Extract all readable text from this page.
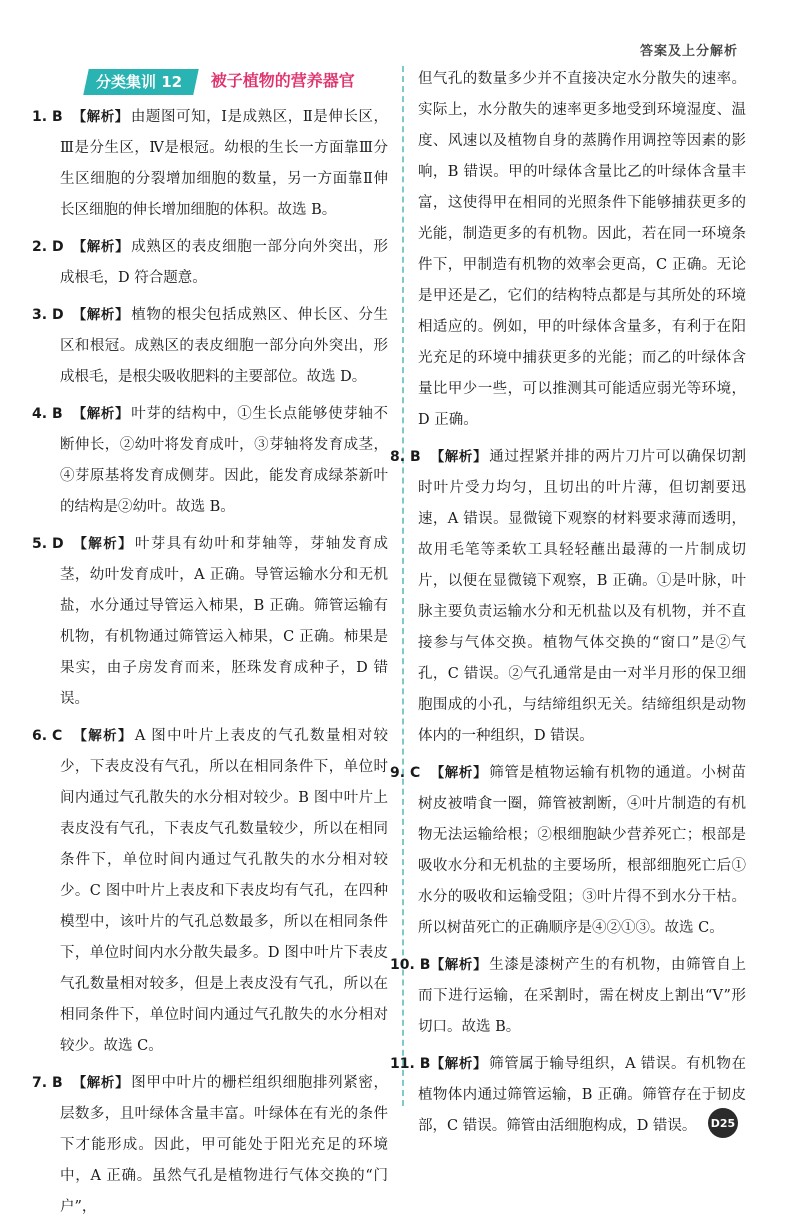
答案及上分解析
分类集训 12 被子植物的营养器官
1. B 【解析】 由题图可知，Ⅰ是成熟区，Ⅱ是伸长区，Ⅲ是分生区，Ⅳ是根冠。幼根的生长一方面靠Ⅲ分生区细胞的分裂增加细胞的数量，另一方面靠Ⅱ伸长区细胞的伸长增加细胞的体积。故选 B。
2. D 【解析】 成熟区的表皮细胞一部分向外突出，形成根毛，D 符合题意。
3. D 【解析】 植物的根尖包括成熟区、伸长区、分生区和根冠。成熟区的表皮细胞一部分向外突出，形成根毛，是根尖吸收肥料的主要部位。故选 D。
4. B 【解析】 叶芽的结构中，①生长点能够使芽轴不断伸长，②幼叶将发育成叶，③芽轴将发育成茎，④芽原基将发育成侧芽。因此，能发育成绿茶新叶的结构是②幼叶。故选 B。
5. D 【解析】 叶芽具有幼叶和芽轴等，芽轴发育成茎，幼叶发育成叶，A 正确。导管运输水分和无机盐，水分通过导管运入柿果，B 正确。筛管运输有机物，有机物通过筛管运入柿果，C 正确。柿果是果实，由子房发育而来，胚珠发育成种子，D 错误。
6. C 【解析】 A 图中叶片上表皮的气孔数量相对较少，下表皮没有气孔，所以在相同条件下，单位时间内通过气孔散失的水分相对较少。B 图中叶片上表皮没有气孔，下表皮气孔数量较少，所以在相同条件下，单位时间内通过气孔散失的水分相对较少。C 图中叶片上表皮和下表皮均有气孔，在四种模型中，该叶片的气孔总数最多，所以在相同条件下，单位时间内水分散失最多。D 图中叶片下表皮气孔数量相对较多，但是上表皮没有气孔，所以在相同条件下，单位时间内通过气孔散失的水分相对较少。故选 C。
7. B 【解析】 图甲中叶片的栅栏组织细胞排列紧密，层数多，且叶绿体含量丰富。叶绿体在有光的条件下才能形成。因此，甲可能处于阳光充足的环境中，A 正确。虽然气孔是植物进行气体交换的“门户”，
但气孔的数量多少并不直接决定水分散失的速率。实际上，水分散失的速率更多地受到环境湿度、温度、风速以及植物自身的蒸腾作用调控等因素的影响，B 错误。甲的叶绿体含量比乙的叶绿体含量丰富，这使得甲在相同的光照条件下能够捕获更多的光能，制造更多的有机物。因此，若在同一环境条件下，甲制造有机物的效率会更高，C 正确。无论是甲还是乙，它们的结构特点都是与其所处的环境相适应的。例如，甲的叶绿体含量多，有利于在阳光充足的环境中捕获更多的光能；而乙的叶绿体含量比甲少一些，可以推测其可能适应弱光等环境，D 正确。
8. B 【解析】 通过捏紧并排的两片刀片可以确保切割时叶片受力均匀，且切出的叶片薄，但切割要迅速，A 错误。显微镜下观察的材料要求薄而透明，故用毛笔等柔软工具轻轻蘸出最薄的一片制成切片，以便在显微镜下观察，B 正确。①是叶脉，叶脉主要负责运输水分和无机盐以及有机物，并不直接参与气体交换。植物气体交换的“窗口”是②气孔，C 错误。②气孔通常是由一对半月形的保卫细胞围成的小孔，与结缔组织无关。结缔组织是动物体内的一种组织，D 错误。
9. C 【解析】 筛管是植物运输有机物的通道。小树苗树皮被啃食一圈，筛管被割断，④叶片制造的有机物无法运输给根；②根细胞缺少营养死亡；根部是吸收水分和无机盐的主要场所，根部细胞死亡后①水分的吸收和运输受阻；③叶片得不到水分干枯。所以树苗死亡的正确顺序是④②①③。故选 C。
10. B【解析】 生漆是漆树产生的有机物，由筛管自上而下进行运输，在采割时，需在树皮上割出“V”形切口。故选 B。
11. B【解析】 筛管属于输导组织，A 错误。有机物在植物体内通过筛管运输，B 正确。筛管存在于韧皮部，C 错误。筛管由活细胞构成，D 错误。	D25
